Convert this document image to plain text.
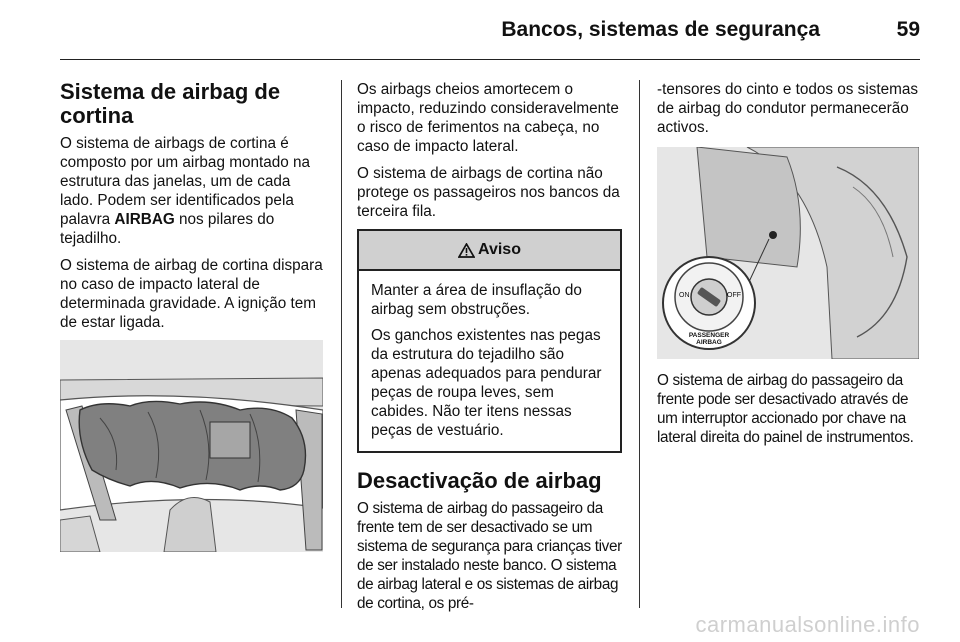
Bancos, sistemas de segurança	59
Sistema de airbag de cortina

O sistema de airbags de cortina é composto por um airbag montado na estrutura das janelas, um de cada lado. Podem ser identificados pela palavra AIRBAG nos pilares do tejadilho.

O sistema de airbag de cortina dispara no caso de impacto lateral de determinada gravidade. A ignição tem de estar ligada.

Os airbags cheios amortecem o impacto, reduzindo consideravelmente o risco de ferimentos na cabeça, no caso de impacto lateral.

O sistema de airbags de cortina não protege os passageiros nos bancos da terceira fila.

Aviso

Manter a área de insuflação do airbag sem obstruções.

Os ganchos existentes nas pegas da estrutura do tejadilho são apenas adequados para pendurar peças de roupa leves, sem cabides. Não ter itens nessas peças de vestuário.

Desactivação de airbag

O sistema de airbag do passageiro da frente tem de ser desactivado se um sistema de segurança para crianças tiver de ser instalado neste banco. O sistema de airbag lateral e os sistemas de airbag de cortina, os pré-

-tensores do cinto e todos os sistemas de airbag do condutor permanecerão activos.

ON	OFF
PASSENGER
AIRBAG

O sistema de airbag do passageiro da frente pode ser desactivado através de um interruptor accionado por chave na lateral direita do painel de instrumentos.

carmanualsonline.info
